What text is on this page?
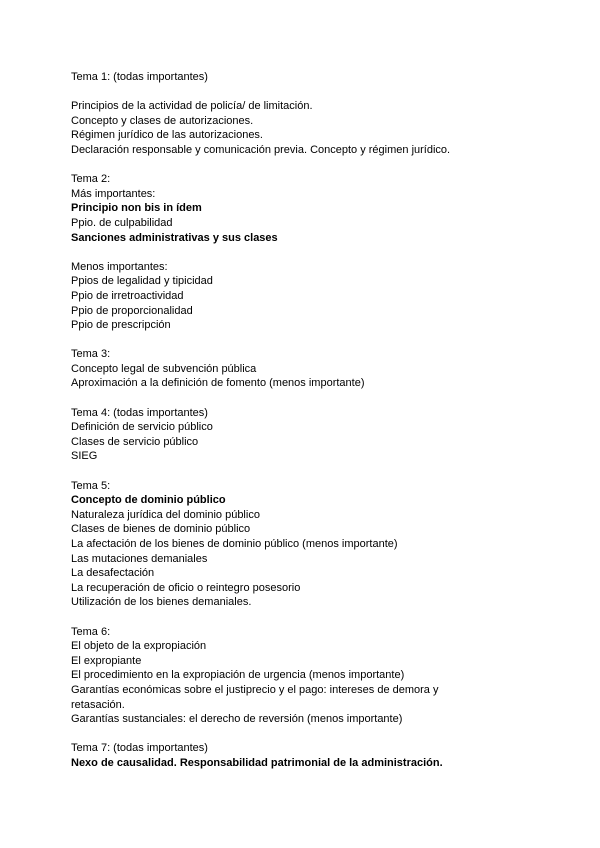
Tema 1: (todas importantes)
Principios de la actividad de policía/ de limitación.
Concepto y clases de autorizaciones.
Régimen jurídico de las autorizaciones.
Declaración responsable y comunicación previa. Concepto y régimen jurídico.
Tema 2:
Más importantes:
Principio non bis in ídem
Ppio. de culpabilidad
Sanciones administrativas y sus clases
Menos importantes:
Ppios de legalidad y tipicidad
Ppio de irretroactividad
Ppio de proporcionalidad
Ppio de prescripción
Tema 3:
Concepto legal de subvención pública
Aproximación a la definición de fomento (menos importante)
Tema 4: (todas importantes)
Definición de servicio público
Clases de servicio público
SIEG
Tema 5:
Concepto de dominio público
Naturaleza jurídica del dominio público
Clases de bienes de dominio público
La afectación de los bienes de dominio público (menos importante)
Las mutaciones demaniales
La desafectación
La recuperación de oficio o reintegro posesorio
Utilización de los bienes demaniales.
Tema 6:
El objeto de la expropiación
El expropiante
El procedimiento en la expropiación de urgencia (menos importante)
Garantías económicas sobre el justiprecio y el pago: intereses de demora y
retasación.
Garantías sustanciales: el derecho de reversión (menos importante)
Tema 7: (todas importantes)
Nexo de causalidad. Responsabilidad patrimonial de la administración.
